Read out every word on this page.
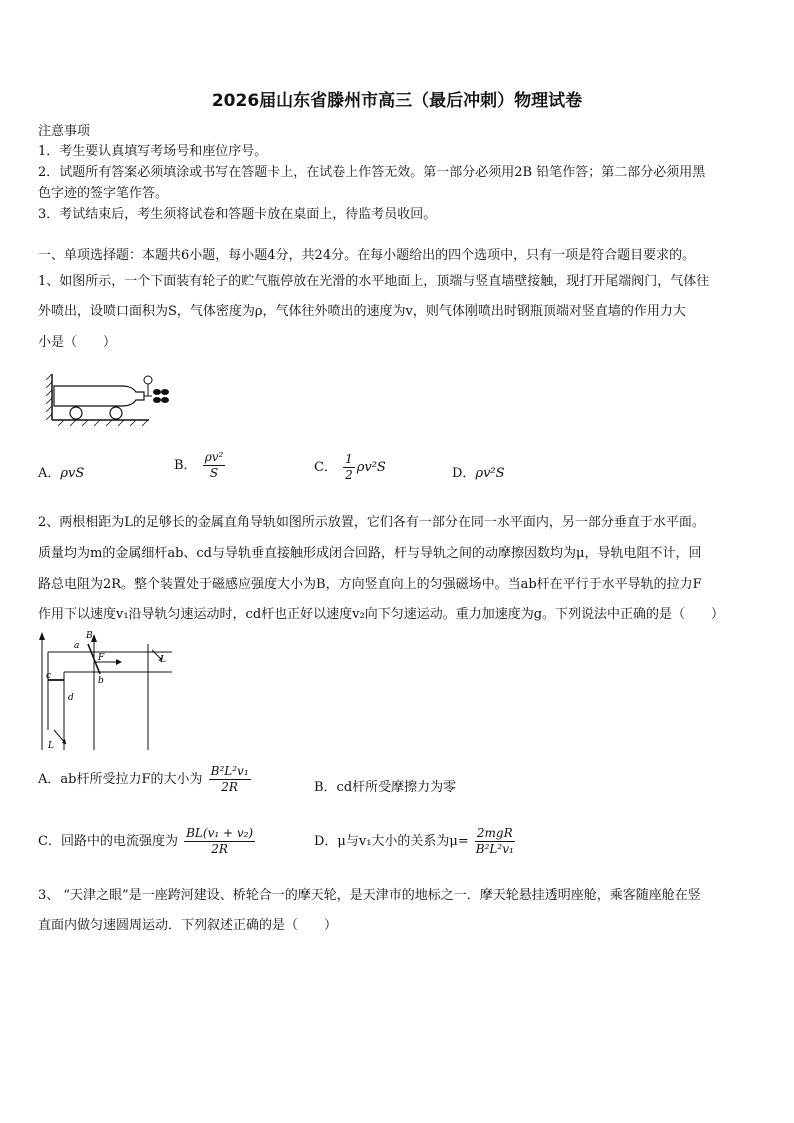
2026届山东省滕州市高三（最后冲刺）物理试卷
注意事项
1．考生要认真填写考场号和座位序号。
2．试题所有答案必须填涂或书写在答题卡上，在试卷上作答无效。第一部分必须用2B 铅笔作答；第二部分必须用黑
色字迹的签字笔作答。
3．考试结束后，考生须将试卷和答题卡放在桌面上，待监考员收回。
一、单项选择题：本题共6小题，每小题4分，共24分。在每小题给出的四个选项中，只有一项是符合题目要求的。
1、如图所示，一个下面装有轮子的贮气瓶停放在光滑的水平地面上，顶端与竖直墙壁接触，现打开尾端阀门，气体往
外喷出，设喷口面积为S，气体密度为ρ，气体往外喷出的速度为v，则气体刚喷出时钢瓶顶端对竖直墙的作用力大
小是（　　）
A．ρvS
B． $\frac{\text{ρv²}}{S}$	C． $\frac{1}{2} \rho v^2S$	D．ρv²S
2、两根相距为L的足够长的金属直角导轨如图所示放置，它们各有一部分在同一水平面内，另一部分垂直于水平面。
质量均为m的金属细杆ab、cd与导轨垂直接触形成闭合回路，杆与导轨之间的动摩擦因数均为μ，导轨电阻不计，回
路总电阻为2R。整个装置处于磁感应强度大小为B，方向竖直向上的匀强磁场中。当ab杆在平行于水平导轨的拉力F
作用下以速度v₁沿导轨匀速运动时，cd杆也正好以速度v₂向下匀速运动。重力加速度为g。下列说法中正确的是（　　）
B
a
F
b
c
d
L
L
A．ab杆所受拉力F的大小为 $\frac{\text{B²L²v₁}}{2R}$	B．cd杆所受摩擦力为零
C．回路中的电流强度为 $\frac{\text{BL(v₁ + v₂)}}{2R}$	D．μ与v₁大小的关系为$\mu= \frac{\text{2mgR}}{\text{B²L²v₁}}$
3、 “天津之眼”是一座跨河建设、桥轮合一的摩天轮，是天津市的地标之一．摩天轮悬挂透明座舱，乘客随座舱在竖
直面内做匀速圆周运动．下列叙述正确的是（　　）
